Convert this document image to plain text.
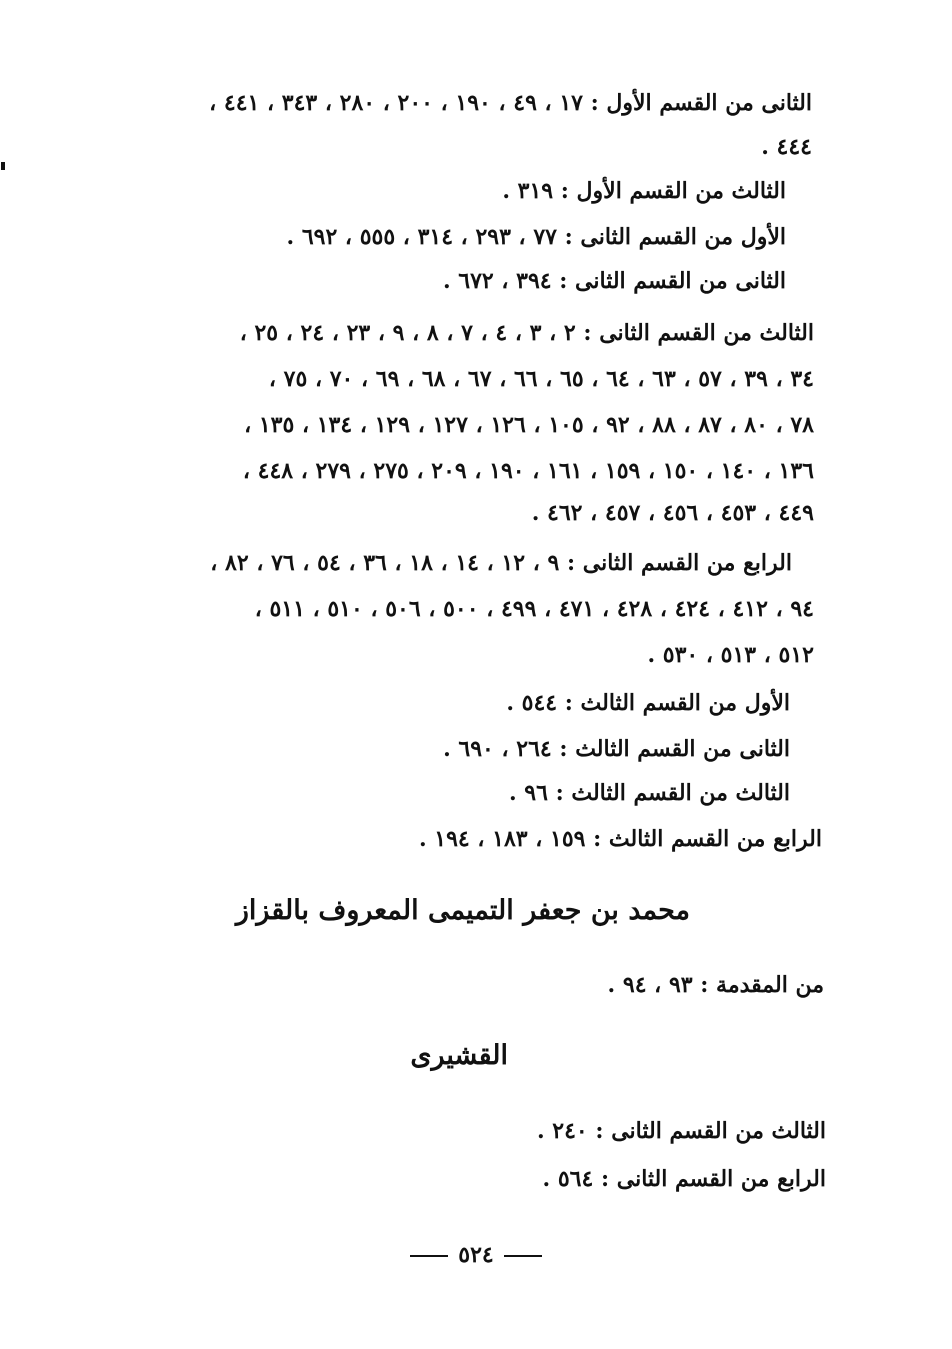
الثانى من القسم الأول : ١٧ ، ٤٩ ، ١٩٠ ، ٢٠٠ ، ٢٨٠ ، ٣٤٣ ، ٤٤١ ،
٤٤٤ .
الثالث من القسم الأول : ٣١٩ .
الأول من القسم الثانى : ٧٧ ، ٢٩٣ ، ٣١٤ ، ٥٥٥ ، ٦٩٢ .
الثانى من القسم الثانى : ٣٩٤ ، ٦٧٢ .
الثالث من القسم الثانى : ٢ ، ٣ ، ٤ ، ٧ ، ٨ ، ٩ ، ٢٣ ، ٢٤ ، ٢٥ ،
٣٤ ، ٣٩ ، ٥٧ ، ٦٣ ، ٦٤ ، ٦٥ ، ٦٦ ، ٦٧ ، ٦٨ ، ٦٩ ، ٧٠ ، ٧٥ ،
٧٨ ، ٨٠ ، ٨٧ ، ٨٨ ، ٩٢ ، ١٠٥ ، ١٢٦ ، ١٢٧ ، ١٢٩ ، ١٣٤ ، ١٣٥ ،
١٣٦ ، ١٤٠ ، ١٥٠ ، ١٥٩ ، ١٦١ ، ١٩٠ ، ٢٠٩ ، ٢٧٥ ، ٢٧٩ ، ٤٤٨ ،
٤٤٩ ، ٤٥٣ ، ٤٥٦ ، ٤٥٧ ، ٤٦٢ .
الرابع من القسم الثانى : ٩ ، ١٢ ، ١٤ ، ١٨ ، ٣٦ ، ٥٤ ، ٧٦ ، ٨٢ ،
٩٤ ، ٤١٢ ، ٤٢٤ ، ٤٢٨ ، ٤٧١ ، ٤٩٩ ، ٥٠٠ ، ٥٠٦ ، ٥١٠ ، ٥١١ ،
٥١٢ ، ٥١٣ ، ٥٣٠ .
الأول من القسم الثالث : ٥٤٤ .
الثانى من القسم الثالث : ٢٦٤ ، ٦٩٠ .
الثالث من القسم الثالث : ٩٦ .
الرابع من القسم الثالث : ١٥٩ ، ١٨٣ ، ١٩٤ .
محمد بن جعفر التميمى المعروف بالقزاز
من المقدمة : ٩٣ ، ٩٤ .
القشيرى
الثالث من القسم الثانى : ٢٤٠ .
الرابع من القسم الثانى : ٥٦٤ .
٥٢٤
